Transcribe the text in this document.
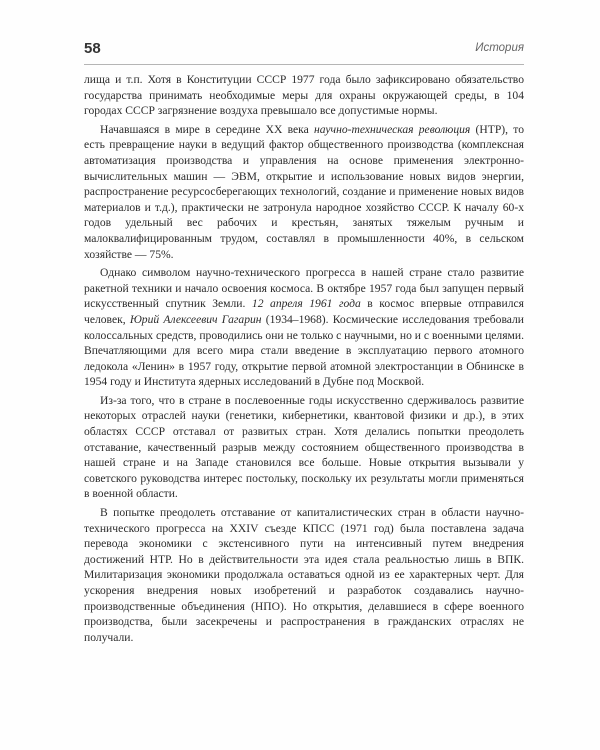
58	История

лища и т.п. Хотя в Конституции СССР 1977 года было зафиксировано обязательство государства принимать необходимые меры для охраны окружающей среды, в 104 городах СССР загрязнение воздуха превышало все допустимые нормы.

Начавшаяся в мире в середине XX века научно-техническая революция (НТР), то есть превращение науки в ведущий фактор общественного производства (комплексная автоматизация производства и управления на основе применения электронно-вычислительных машин — ЭВМ, открытие и использование новых видов энергии, распространение ресурсосберегающих технологий, создание и применение новых видов материалов и т.д.), практически не затронула народное хозяйство СССР. К началу 60-х годов удельный вес рабочих и крестьян, занятых тяжелым ручным и малоквалифицированным трудом, составлял в промышленности 40%, в сельском хозяйстве — 75%.

Однако символом научно-технического прогресса в нашей стране стало развитие ракетной техники и начало освоения космоса. В октябре 1957 года был запущен первый искусственный спутник Земли. 12 апреля 1961 года в космос впервые отправился человек, Юрий Алексеевич Гагарин (1934–1968). Космические исследования требовали колоссальных средств, проводились они не только с научными, но и с военными целями. Впечатляющими для всего мира стали введение в эксплуатацию первого атомного ледокола «Ленин» в 1957 году, открытие первой атомной электростанции в Обнинске в 1954 году и Института ядерных исследований в Дубне под Москвой.

Из-за того, что в стране в послевоенные годы искусственно сдерживалось развитие некоторых отраслей науки (генетики, кибернетики, квантовой физики и др.), в этих областях СССР отставал от развитых стран. Хотя делались попытки преодолеть отставание, качественный разрыв между состоянием общественного производства в нашей стране и на Западе становился все больше. Новые открытия вызывали у советского руководства интерес постольку, поскольку их результаты могли применяться в военной области.

В попытке преодолеть отставание от капиталистических стран в области научно-технического прогресса на XXIV съезде КПСС (1971 год) была поставлена задача перевода экономики с экстенсивного пути на интенсивный путем внедрения достижений НТР. Но в действительности эта идея стала реальностью лишь в ВПК. Милитаризация экономики продолжала оставаться одной из ее характерных черт. Для ускорения внедрения новых изобретений и разработок создавались научно-производственные объединения (НПО). Но открытия, делавшиеся в сфере военного производства, были засекречены и распространения в гражданских отраслях не получали.
